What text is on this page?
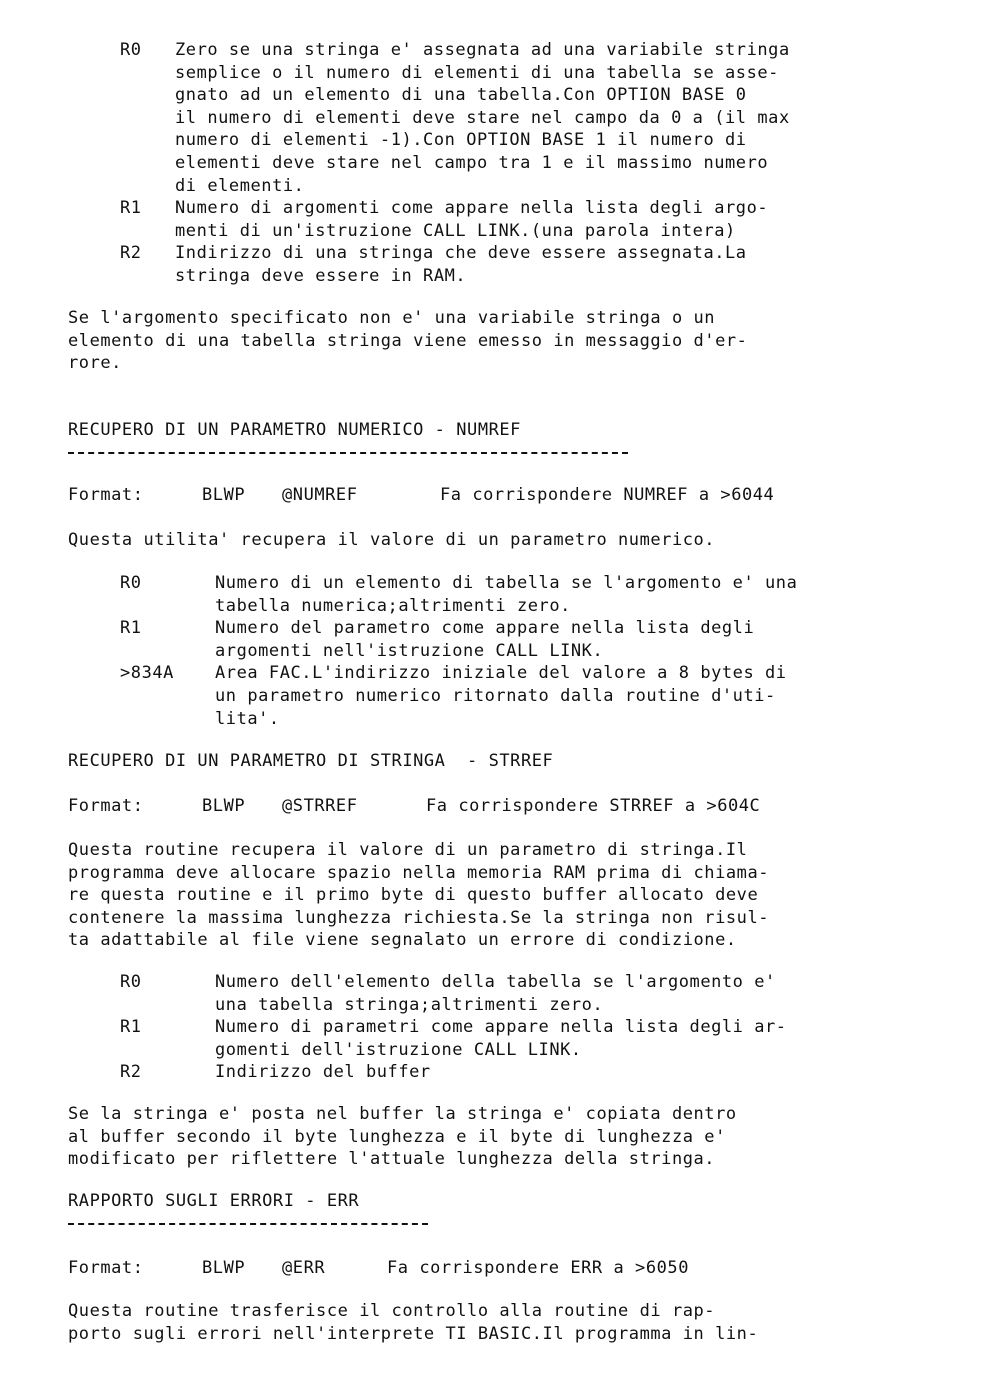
R0 Zero se una stringa e' assegnata ad una variabile stringa
semplice o il numero di elementi di una tabella se asse-
gnato ad un elemento di una tabella.Con OPTION BASE 0
il numero di elementi deve stare nel campo da 0 a (il max
numero di elementi -1).Con OPTION BASE 1 il numero di
elementi deve stare nel campo tra 1 e il massimo numero
di elementi.
R1 Numero di argomenti come appare nella lista degli argo-
menti di un'istruzione CALL LINK.(una parola intera)
R2 Indirizzo di una stringa che deve essere assegnata.La
stringa deve essere in RAM.
Se l'argomento specificato non e' una variabile stringa o un
elemento di una tabella stringa viene emesso in messaggio d'er-
rore.
RECUPERO DI UN PARAMETRO NUMERICO - NUMREF
Format:	BLWP @NUMREF	Fa corrispondere NUMREF a >6044
Questa utilita' recupera il valore di un parametro numerico.
R0	Numero di un elemento di tabella se l'argomento e' una
tabella numerica;altrimenti zero.
R1	Numero del parametro come appare nella lista degli
argomenti nell'istruzione CALL LINK.
>834A Area FAC.L'indirizzo iniziale del valore a 8 bytes di
un parametro numerico ritornato dalla routine d'uti-
lita'.
RECUPERO DI UN PARAMETRO DI STRINGA  - STRREF
Format:	BLWP @STRREF	Fa corrispondere STRREF a >604C
Questa routine recupera il valore di un parametro di stringa.Il
programma deve allocare spazio nella memoria RAM prima di chiama-
re questa routine e il primo byte di questo buffer allocato deve
contenere la massima lunghezza richiesta.Se la stringa non risul-
ta adattabile al file viene segnalato un errore di condizione.
R0	Numero dell'elemento della tabella se l'argomento e'
una tabella stringa;altrimenti zero.
R1	Numero di parametri come appare nella lista degli ar-
gomenti dell'istruzione CALL LINK.
R2	Indirizzo del buffer
Se la stringa e' posta nel buffer la stringa e' copiata dentro
al buffer secondo il byte lunghezza e il byte di lunghezza e'
modificato per riflettere l'attuale lunghezza della stringa.
RAPPORTO SUGLI ERRORI - ERR
Format:	BLWP @ERR	Fa corrispondere ERR a >6050
Questa routine trasferisce il controllo alla routine di rap-
porto sugli errori nell'interprete TI BASIC.Il programma in lin-
